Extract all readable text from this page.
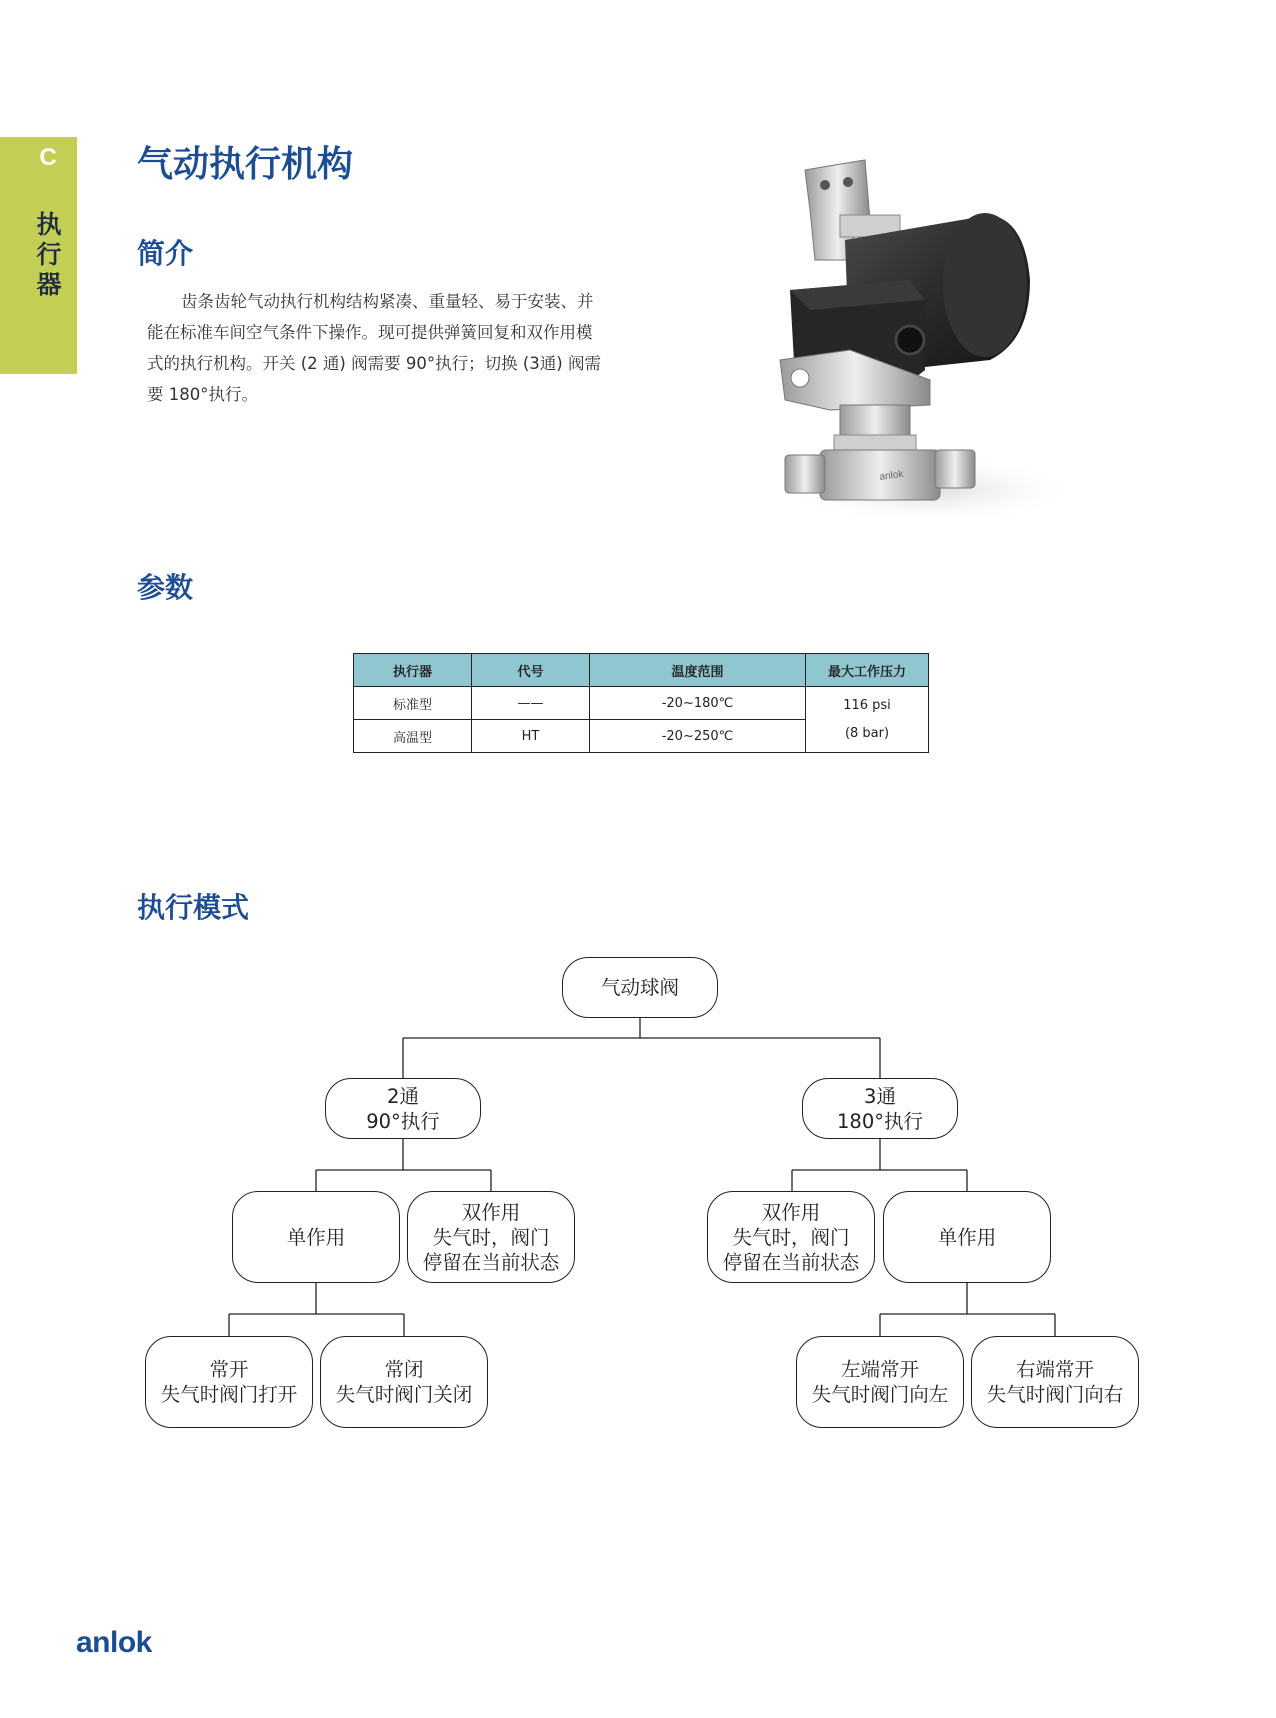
C
执行器
气动执行机构
简介

齿条齿轮气动执行机构结构紧凑、重量轻、易于安装、并能在标准车间空气条件下操作。现可提供弹簧回复和双作用模式的执行机构。开关 (2 通) 阀需要 90°执行；切换 (3通) 阀需要 180°执行。

anlok
参数
执行器	代号	温度范围	最大工作压力
标准型	——	-20~180℃	116 psi
(8 bar)

高温型	HT	-20~250℃	
执行模式
气动球阀
2通
90°执行
3通
180°执行
单作用
双作用
失气时，阀门
停留在当前状态
双作用
失气时，阀门
停留在当前状态
单作用
常开
失气时阀门打开
常闭
失气时阀门关闭
左端常开
失气时阀门向左
右端常开
失气时阀门向右
anlok
